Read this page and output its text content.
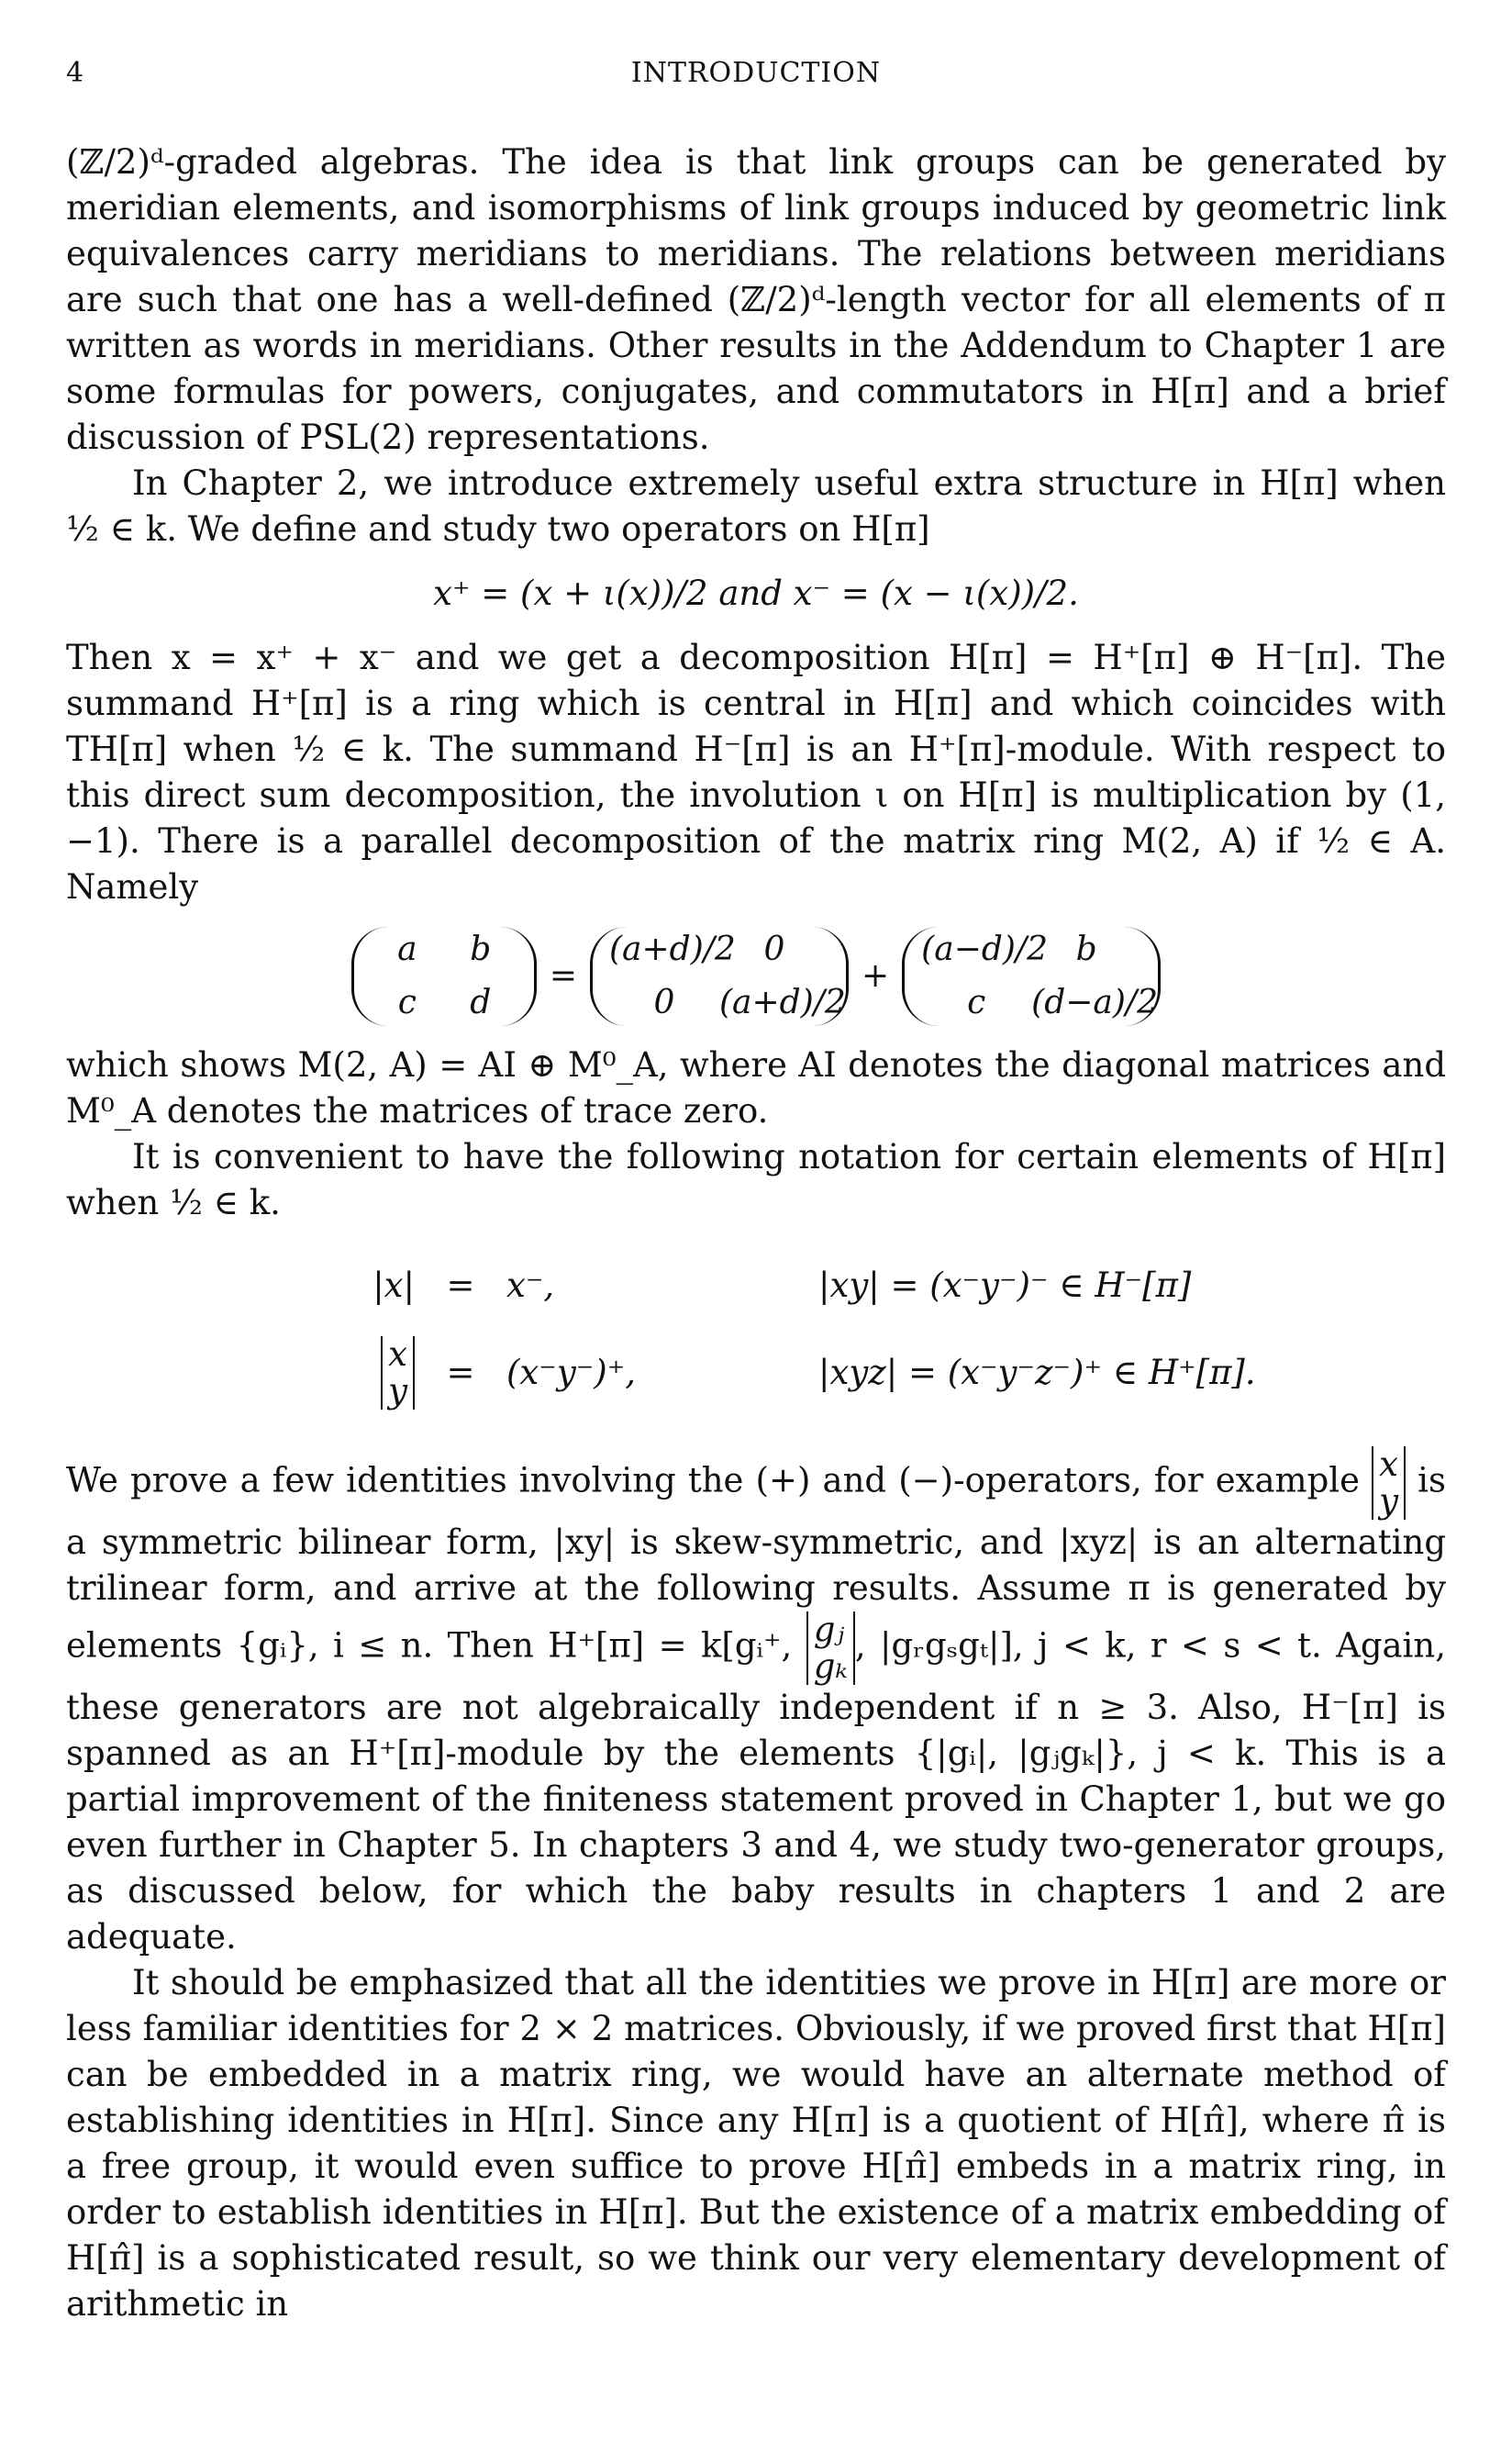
4	INTRODUCTION

(ℤ/2)ᵈ-graded algebras. The idea is that link groups can be generated by meridian elements, and isomorphisms of link groups induced by geometric link equivalences carry meridians to meridians. The relations between meridians are such that one has a well-defined (ℤ/2)ᵈ-length vector for all elements of π written as words in meridians. Other results in the Addendum to Chapter 1 are some formulas for powers, conjugates, and commutators in H[π] and a brief discussion of PSL(2) representations.

In Chapter 2, we introduce extremely useful extra structure in H[π] when ½ ∈ k. We define and study two operators on H[π]

x⁺ = (x + ι(x))/2 and x⁻ = (x − ι(x))/2.

Then x = x⁺ + x⁻ and we get a decomposition H[π] = H⁺[π] ⊕ H⁻[π]. The summand H⁺[π] is a ring which is central in H[π] and which coincides with TH[π] when ½ ∈ k. The summand H⁻[π] is an H⁺[π]-module. With respect to this direct sum decomposition, the involution ι on H[π] is multiplication by (1, −1). There is a parallel decomposition of the matrix ring M(2, A) if ½ ∈ A. Namely

a	b
c	d
=
(a+d)/2 0
0	(a+d)/2
+
(a−d)/2 b
c	(d−a)/2

which shows M(2, A) = AI ⊕ M⁰_A, where AI denotes the diagonal matrices and M⁰_A denotes the matrices of trace zero.

It is convenient to have the following notation for certain elements of H[π] when ½ ∈ k.

|x| = x⁻,	|xy| = (x⁻y⁻)⁻ ∈ H⁻[π]
x
y = (x⁻y⁻)⁺,	|xyz| = (x⁻y⁻z⁻)⁺ ∈ H⁺[π].

We prove a few identities involving the (+) and (−)-operators, for example x
y
is a symmetric bilinear form, |xy| is skew-symmetric, and |xyz| is an alternating trilinear form, and arrive at the following results. Assume π is generated by elements {gᵢ}, i ≤ n. Then H⁺[π] = k[gᵢ⁺, gⱼ
gₖ
, |gᵣgₛgₜ|], j < k, r < s < t. Again, these generators are not algebraically independent if n ≥ 3. Also, H⁻[π] is spanned as an H⁺[π]-module by the elements {|gᵢ|, |gⱼgₖ|}, j < k. This is a partial improvement of the finiteness statement proved in Chapter 1, but we go even further in Chapter 5. In chapters 3 and 4, we study two-generator groups, as discussed below, for which the baby results in chapters 1 and 2 are adequate.

It should be emphasized that all the identities we prove in H[π] are more or less familiar identities for 2 × 2 matrices. Obviously, if we proved first that H[π] can be embedded in a matrix ring, we would have an alternate method of establishing identities in H[π]. Since any H[π] is a quotient of H[π̂], where π̂ is a free group, it would even suffice to prove H[π̂] embeds in a matrix ring, in order to establish identities in H[π]. But the existence of a matrix embedding of H[π̂] is a sophisticated result, so we think our very elementary development of arithmetic in
